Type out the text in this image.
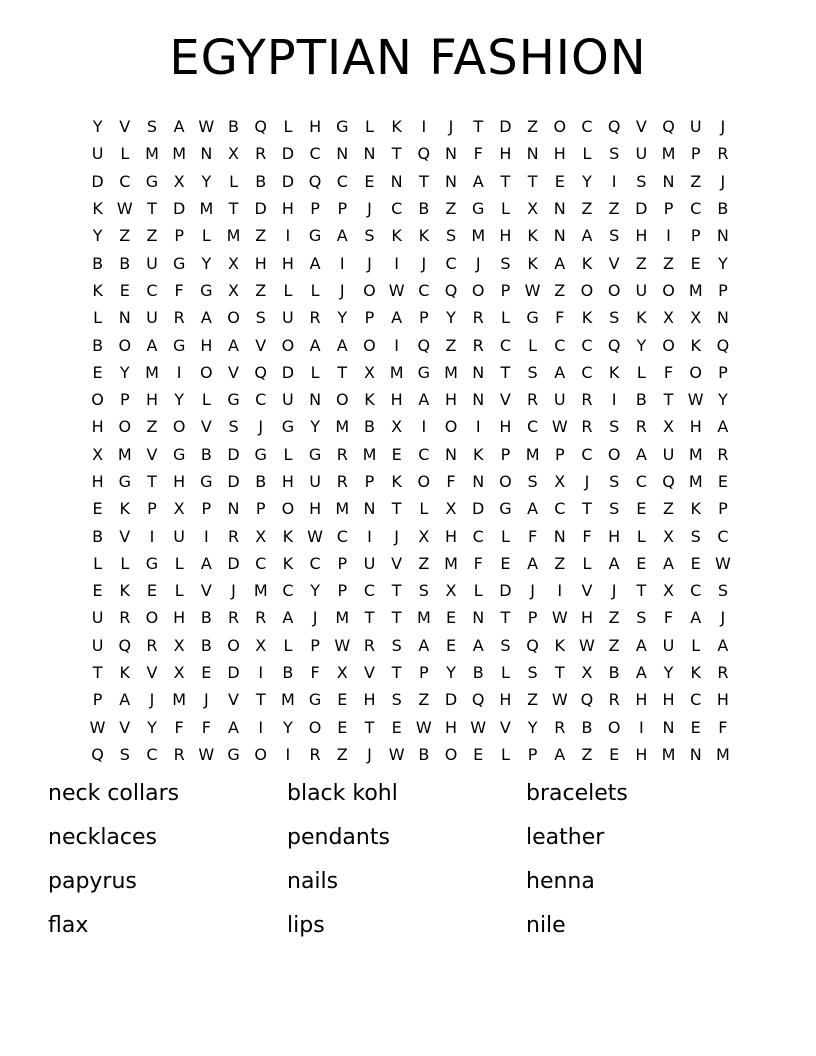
EGYPTIAN FASHION
Y	V	S	A W B Q	L	H G	L	K	I	J	T	D Z O C Q V Q U	J
U	L M M N X	R D C N N	T	Q N	F	H N H	L	S	U M P	R
D C G X	Y	L	B D Q C	E	N	T	N A	T	T	E	Y	I	S	N Z	J
K W T	D M T	D H	P	P	J	C	B	Z G	L	X N Z	Z D	P	C	B
Y	Z	Z	P	L M Z	I	G A	S	K	K	S M H K N A	S	H	I	P	N
B	B U G	Y	X H H A	I	J	I	J	C	J	S	K	A	K	V	Z	Z	E	Y
K	E	C	F	G X	Z	L	L	J	O W C Q O	P W Z O O U O M P
L	N U R	A O S	U R	Y	P	A	P	Y	R	L	G	F	K	S	K	X	X N
B O A G H A	V O A	A O	I	Q Z	R	C	L	C	C Q	Y	O K Q
E	Y M	I	O V Q D	L	T	X M G M N	T	S	A	C	K	L	F	O	P
O	P	H	Y	L	G C U N O K H A H N V	R U R	I	B	T W Y
H O Z O V	S	J	G	Y M B	X	I	O	I	H C W R	S	R	X H A
X M V G B D G	L	G R M E	C N K	P M P	C O A U M R
H G	T	H G D B H U R	P	K O	F	N O S	X	J	S	C Q M E
E	K	P	X	P	N	P	O H M N	T	L	X D G A	C	T	S	E	Z	K	P
B	V	I	U	I	R	X	K W C	I	J	X H C	L	F	N	F	H	L	X	S	C
L	L	G	L	A D C	K	C	P	U V	Z M F	E	A	Z	L	A	E	A	E W
E	K	E	L	V	J	M C	Y	P	C	T	S	X	L	D	J	I	V	J	T	X	C	S
U R O H B	R	R	A	J	M T	T M E	N	T	P W H Z	S	F	A	J
U Q R	X	B O X	L	P W R	S	A	E	A	S Q K W Z	A U	L	A
T	K	V	X	E D	I	B	F	X	V	T	P	Y	B	L	S	T	X	B	A	Y	K	R
P	A	J	M	J	V	T M G E	H	S	Z D Q H Z W Q R H H C H
W V	Y	F	F	A	I	Y	O E	T	E W H W V	Y	R	B O	I	N	E	F
Q S	C	R W G O	I	R	Z	J	W B O E	L	P	A	Z	E	H M N M
neck collars	black kohl	bracelets
necklaces	pendants	leather
papyrus	nails	henna
flax	lips	nile
